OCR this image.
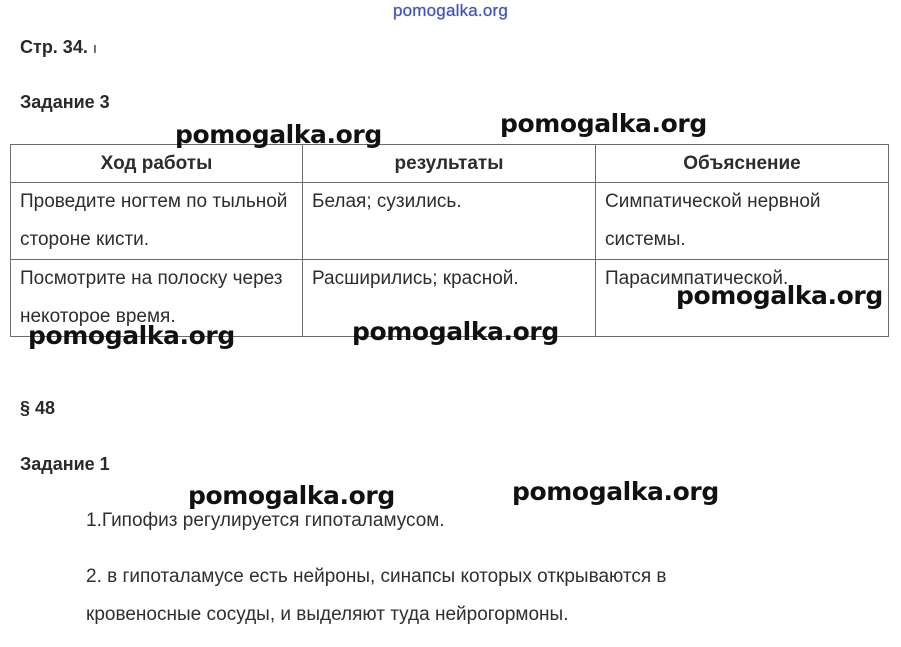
pomogalka.org
Стр. 34. ı
Задание 3
Ход работы	результаты	Объяснение
Проведите ногтем по тыльной стороне кисти.	Белая; сузились.	Симпатической нервной системы.
Посмотрите на полоску через некоторое время.	Расширились; красной.	Парасимпатической.
§ 48
Задание 1
1.Гипофиз регулируется гипоталамусом.
2. в гипоталамусе есть нейроны, синапсы которых открываются в
кровеносные сосуды, и выделяют туда нейрогормоны.
pomogalka.org	pomogalka.org
pomogalka.org
pomogalka.org	pomogalka.org
pomogalka.org	pomogalka.org
